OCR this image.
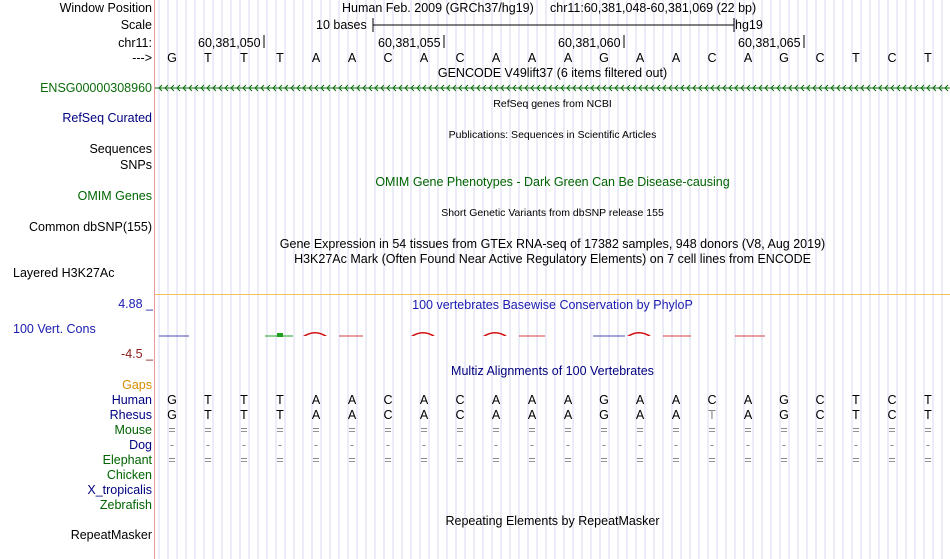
Window Position	Human Feb. 2009 (GRCh37/hg19) chr11:60,381,048-60,381,069 (22 bp)
Scale	10 bases	hg19
chr11:	60,381,050	60,381,055	60,381,060	60,381,065
--->	G	T	T	T	A	A	C	A	C	A	A	A	G	A	A	C	A	G	C	T	C	T
GENCODE V49lift37 (6 items filtered out)
ENSG00000308960
RefSeq genes from NCBI
RefSeq Curated
Publications: Sequences in Scientific Articles
Sequences
SNPs
OMIM Gene Phenotypes - Dark Green Can Be Disease-causing
OMIM Genes
Short Genetic Variants from dbSNP release 155
Common dbSNP(155)
Gene Expression in 54 tissues from GTEx RNA-seq of 17382 samples, 948 donors (V8, Aug 2019)
H3K27Ac Mark (Often Found Near Active Regulatory Elements) on 7 cell lines from ENCODE
Layered H3K27Ac
4.88 _	100 vertebrates Basewise Conservation by PhyloP
100 Vert. Cons
-4.5 _
Multiz Alignments of 100 Vertebrates
Gaps
Human	G	T	T	T	A	A	C	A	C	A	A	A	G	A	A	C	A	G	C	T	C	T
Rhesus	G	T	T	T	A	A	C	A	C	A	A	A	G	A	A	T	A	G	C	T	C	T
Mouse	=	=	=	=	=	=	=	=	=	=	=	=	=	=	=	=	=	=	=	=	=	=
Dog	-	-	-	-	-	-	-	-	-	-	-	-	-	-	-	-	-	-	-	-	-	-
Elephant	=	=	=	=	=	=	=	=	=	=	=	=	=	=	=	=	=	=	=	=	=	=
Chicken
X_tropicalis
Zebrafish
Repeating Elements by RepeatMasker
RepeatMasker
